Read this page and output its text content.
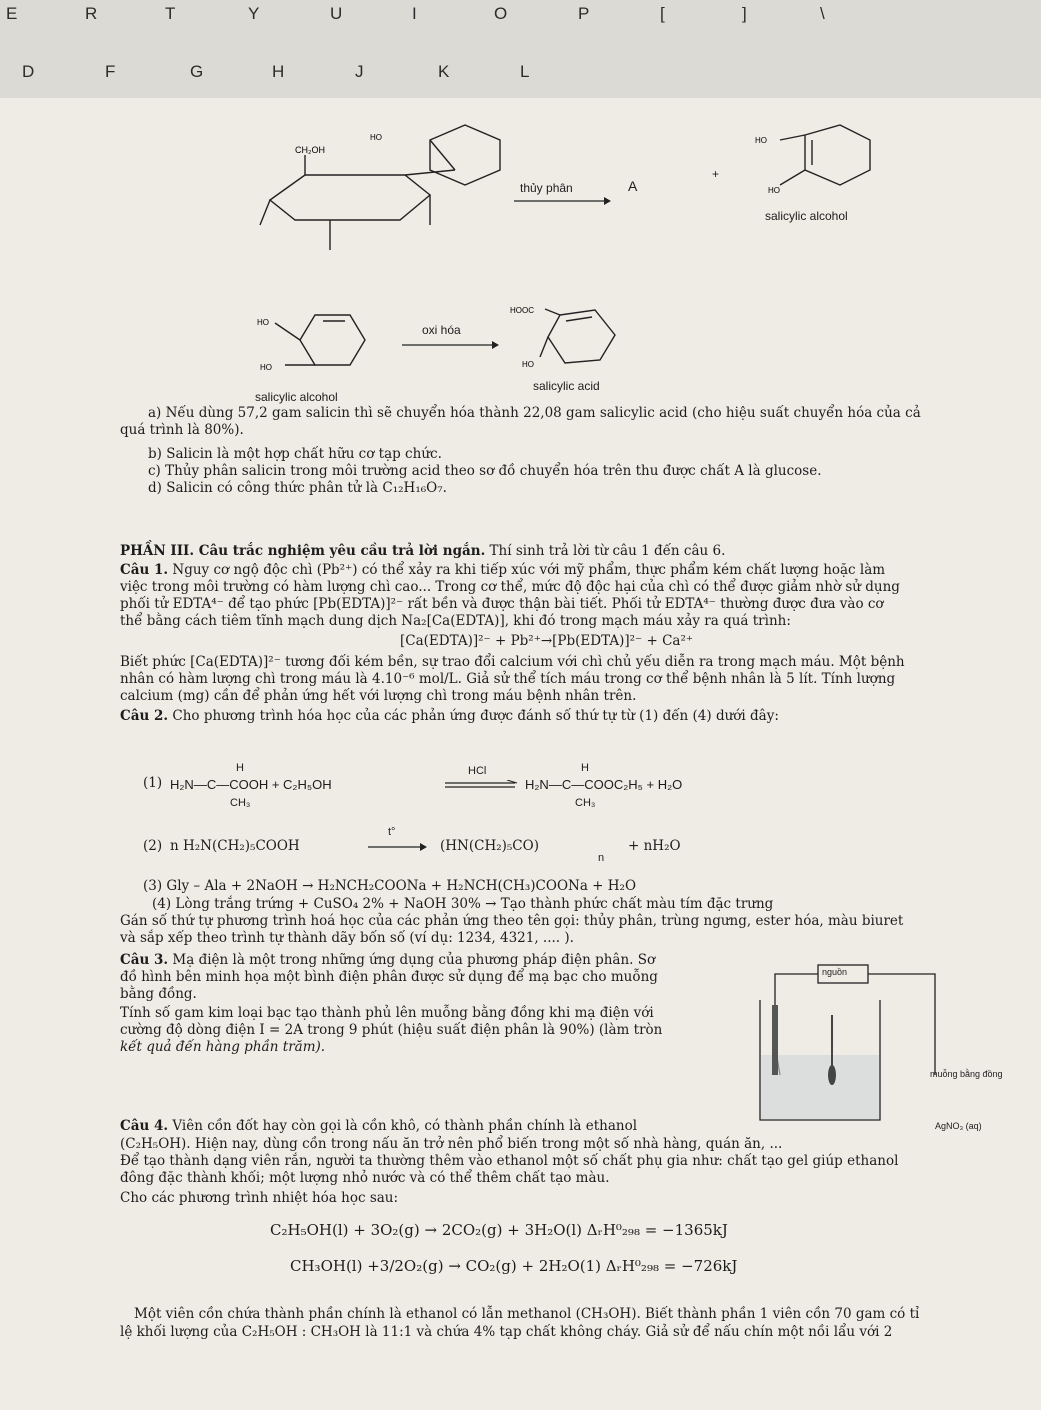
E	R	T	Y	U	I	O	P	[	]	\
D	F	G	H	J	K	L
CH₂OH
HO
thủy phân	A
+
HO
HO
salicylic alcohol
HO
HO
oxi hóa
HOOC
HO
salicylic alcohol
salicylic acid
a) Nếu dùng 57,2 gam salicin thì sẽ chuyển hóa thành 22,08 gam salicylic acid (cho hiệu suất chuyển hóa của cả
quá trình là 80%).
b) Salicin là một hợp chất hữu cơ tạp chức.
c) Thủy phân salicin trong môi trường acid theo sơ đồ chuyển hóa trên thu được chất A là glucose.
d) Salicin có công thức phân tử là C₁₂H₁₆O₇.
PHẦN III. Câu trắc nghiệm yêu cầu trả lời ngắn. Thí sinh trả lời từ câu 1 đến câu 6.
Câu 1. Nguy cơ ngộ độc chì (Pb²⁺) có thể xảy ra khi tiếp xúc với mỹ phẩm, thực phẩm kém chất lượng hoặc làm
việc trong môi trường có hàm lượng chì cao... Trong cơ thể, mức độ độc hại của chì có thể được giảm nhờ sử dụng
phối tử EDTA⁴⁻ để tạo phức [Pb(EDTA)]²⁻ rất bền và được thận bài tiết. Phối tử EDTA⁴⁻ thường được đưa vào cơ
thể bằng cách tiêm tĩnh mạch dung dịch Na₂[Ca(EDTA)], khi đó trong mạch máu xảy ra quá trình:
[Ca(EDTA)]²⁻ + Pb²⁺→[Pb(EDTA)]²⁻ + Ca²⁺
Biết phức [Ca(EDTA)]²⁻ tương đối kém bền, sự trao đổi calcium với chì chủ yếu diễn ra trong mạch máu. Một bệnh
nhân có hàm lượng chì trong máu là 4.10⁻⁶ mol/L. Giả sử thể tích máu trong cơ thể bệnh nhân là 5 lít. Tính lượng
calcium (mg) cần để phản ứng hết với lượng chì trong máu bệnh nhân trên.
Câu 2. Cho phương trình hóa học của các phản ứng được đánh số thứ tự từ (1) đến (4) dưới đây:
(1)
H
H₂N—C—COOH + C₂H₅OH
CH₃
HCl	H
H₂N—C—COOC₂H₅ + H₂O
CH₃
(2) n H₂N(CH₂)₅COOH
t°
→ (HN(CH₂)₅CO)
n
+ nH₂O
(3) Gly – Ala + 2NaOH → H₂NCH₂COONa + H₂NCH(CH₃)COONa + H₂O
(4) Lòng trắng trứng + CuSO₄ 2% + NaOH 30% → Tạo thành phức chất màu tím đặc trưng
Gán số thứ tự phương trình hoá học của các phản ứng theo tên gọi: thủy phân, trùng ngưng, ester hóa, màu biuret
và sắp xếp theo trình tự thành dãy bốn số (ví dụ: 1234, 4321, .... ).
Câu 3. Mạ điện là một trong những ứng dụng của phương pháp điện phân. Sơ
đồ hình bên minh họa một bình điện phân được sử dụng để mạ bạc cho muỗng
bằng đồng.
Tính số gam kim loại bạc tạo thành phủ lên muỗng bằng đồng khi mạ điện với
cường độ dòng điện I = 2A trong 9 phút (hiệu suất điện phân là 90%) (làm tròn
kết quả đến hàng phần trăm).
nguồn
muỗng bằng đồng
AgNO₃ (aq)
Câu 4. Viên cồn đốt hay còn gọi là cồn khô, có thành phần chính là ethanol
(C₂H₅OH). Hiện nay, dùng cồn trong nấu ăn trở nên phổ biến trong một số nhà hàng, quán ăn, ...
Để tạo thành dạng viên rắn, người ta thường thêm vào ethanol một số chất phụ gia như: chất tạo gel giúp ethanol
đông đặc thành khối; một lượng nhỏ nước và có thể thêm chất tạo màu.
Cho các phương trình nhiệt hóa học sau:
C₂H₅OH(l) + 3O₂(g) → 2CO₂(g) + 3H₂O(l) ΔᵣH⁰₂₉₈ = −1365kJ
CH₃OH(l) +3/2O₂(g) → CO₂(g) + 2H₂O(1) ΔᵣH⁰₂₉₈ = −726kJ
Một viên cồn chứa thành phần chính là ethanol có lẫn methanol (CH₃OH). Biết thành phần 1 viên cồn 70 gam có tỉ
lệ khối lượng của C₂H₅OH : CH₃OH là 11:1 và chứa 4% tạp chất không cháy. Giả sử để nấu chín một nồi lẩu với 2
